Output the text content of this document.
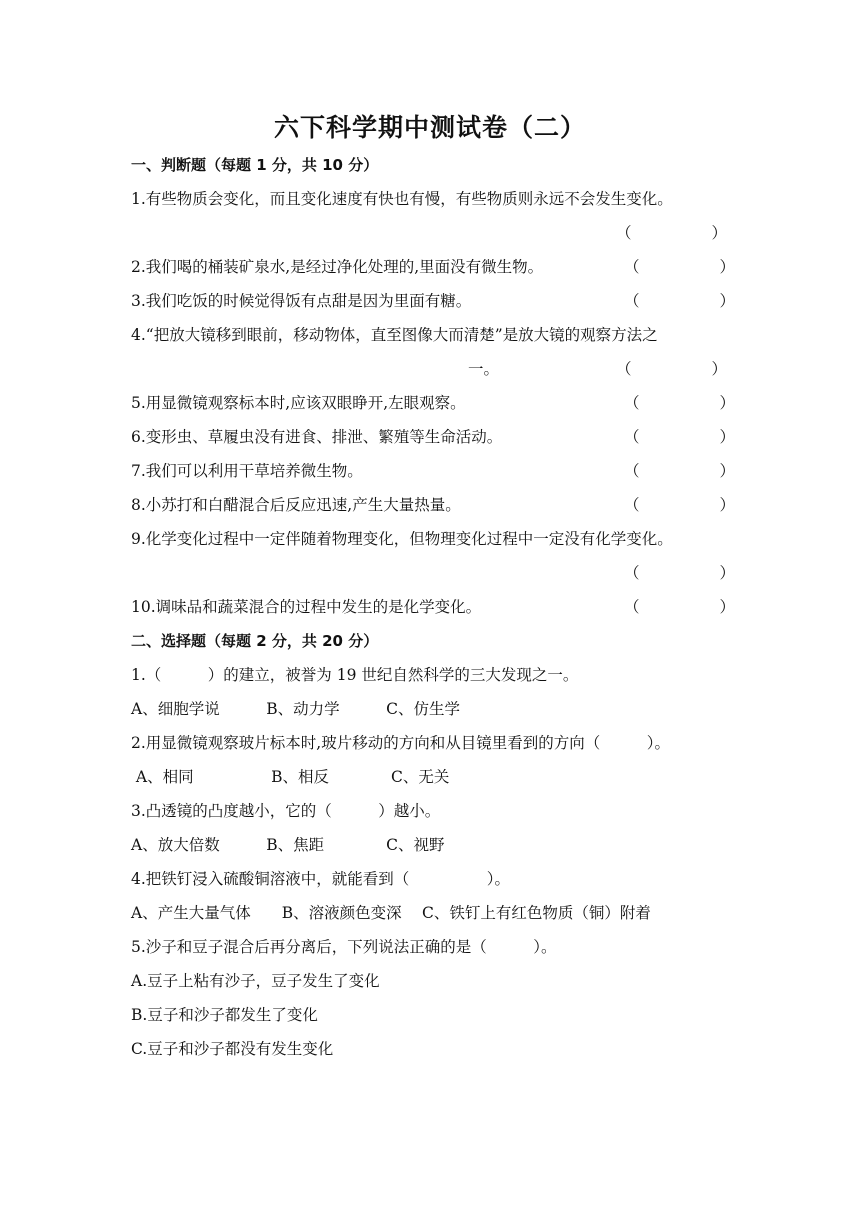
六下科学期中测试卷（二）
一、判断题（每题 1 分，共 10 分）
1.有些物质会变化，而且变化速度有快也有慢，有些物质则永远不会发生变化。
（	）
2.我们喝的桶装矿泉水,是经过净化处理的,里面没有微生物。	（	）
3.我们吃饭的时候觉得饭有点甜是因为里面有糖。	（	）
4.“把放大镜移到眼前，移动物体，直至图像大而清楚”是放大镜的观察方法之
一。	（	）
5.用显微镜观察标本时,应该双眼睁开,左眼观察。	（	）
6.变形虫、草履虫没有进食、排泄、繁殖等生命活动。	（	）
7.我们可以利用干草培养微生物。	（	）
8.小苏打和白醋混合后反应迅速,产生大量热量。	（	）
9.化学变化过程中一定伴随着物理变化，但物理变化过程中一定没有化学变化。
（	）
10.调味品和蔬菜混合的过程中发生的是化学变化。	（	）
二、选择题（每题 2 分，共 20 分）
1.（　　　）的建立，被誉为 19 世纪自然科学的三大发现之一。
A、细胞学说　　　B、动力学　　　C、仿生学
2.用显微镜观察玻片标本时,玻片移动的方向和从目镜里看到的方向（　　　）。
A、相同　　　　　B、相反　　　　C、无关
3.凸透镜的凸度越小，它的（　　　）越小。
A、放大倍数　　　B、焦距　　　　C、视野
4.把铁钉浸入硫酸铜溶液中，就能看到（　　　　　）。
A、产生大量气体　　B、溶液颜色变深　 C、铁钉上有红色物质（铜）附着
5.沙子和豆子混合后再分离后，下列说法正确的是（　　　）。
A.豆子上粘有沙子，豆子发生了变化
B.豆子和沙子都发生了变化
C.豆子和沙子都没有发生变化
